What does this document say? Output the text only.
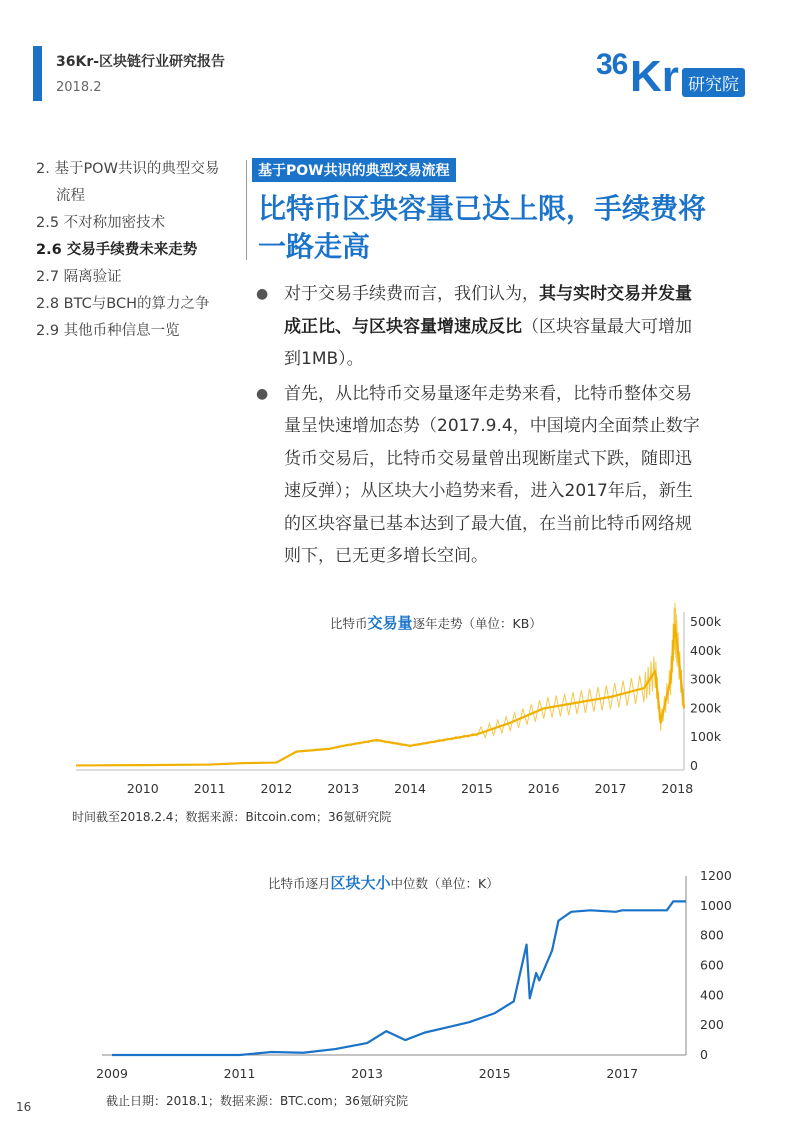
36Kr-区块链行业研究报告
2018.2
36 Kr 研究院
2. 基于POW共识的典型交易
流程
2.5 不对称加密技术
2.6 交易手续费未来走势
2.7 隔离验证
2.8 BTC与BCH的算力之争
2.9 其他币种信息一览
基于POW共识的典型交易流程
比特币区块容量已达上限，手续费将一路走高
● 对于交易手续费而言，我们认为，其与实时交易并发量成正比、与区块容量增速成反比（区块容量最大可增加到1MB）。
● 首先，从比特币交易量逐年走势来看，比特币整体交易量呈快速增加态势（2017.9.4，中国境内全面禁止数字货币交易后，比特币交易量曾出现断崖式下跌，随即迅速反弹）；从区块大小趋势来看，进入2017年后，新生的区块容量已基本达到了最大值，在当前比特币网络规则下，已无更多增长空间。
比特币交易量逐年走势（单位：KB）
2010	2011	2012	2013	2014	2015	2016	2017	2018
500k
400k
300k
200k
100k
0
2009	2011	2013	2015	2017
1200
1000
800
600
400
200
0
时间截至2018.2.4；数据来源：Bitcoin.com；36氪研究院
比特币逐月区块大小中位数（单位：K）
截止日期：2018.1；数据来源：BTC.com；36氪研究院
16
